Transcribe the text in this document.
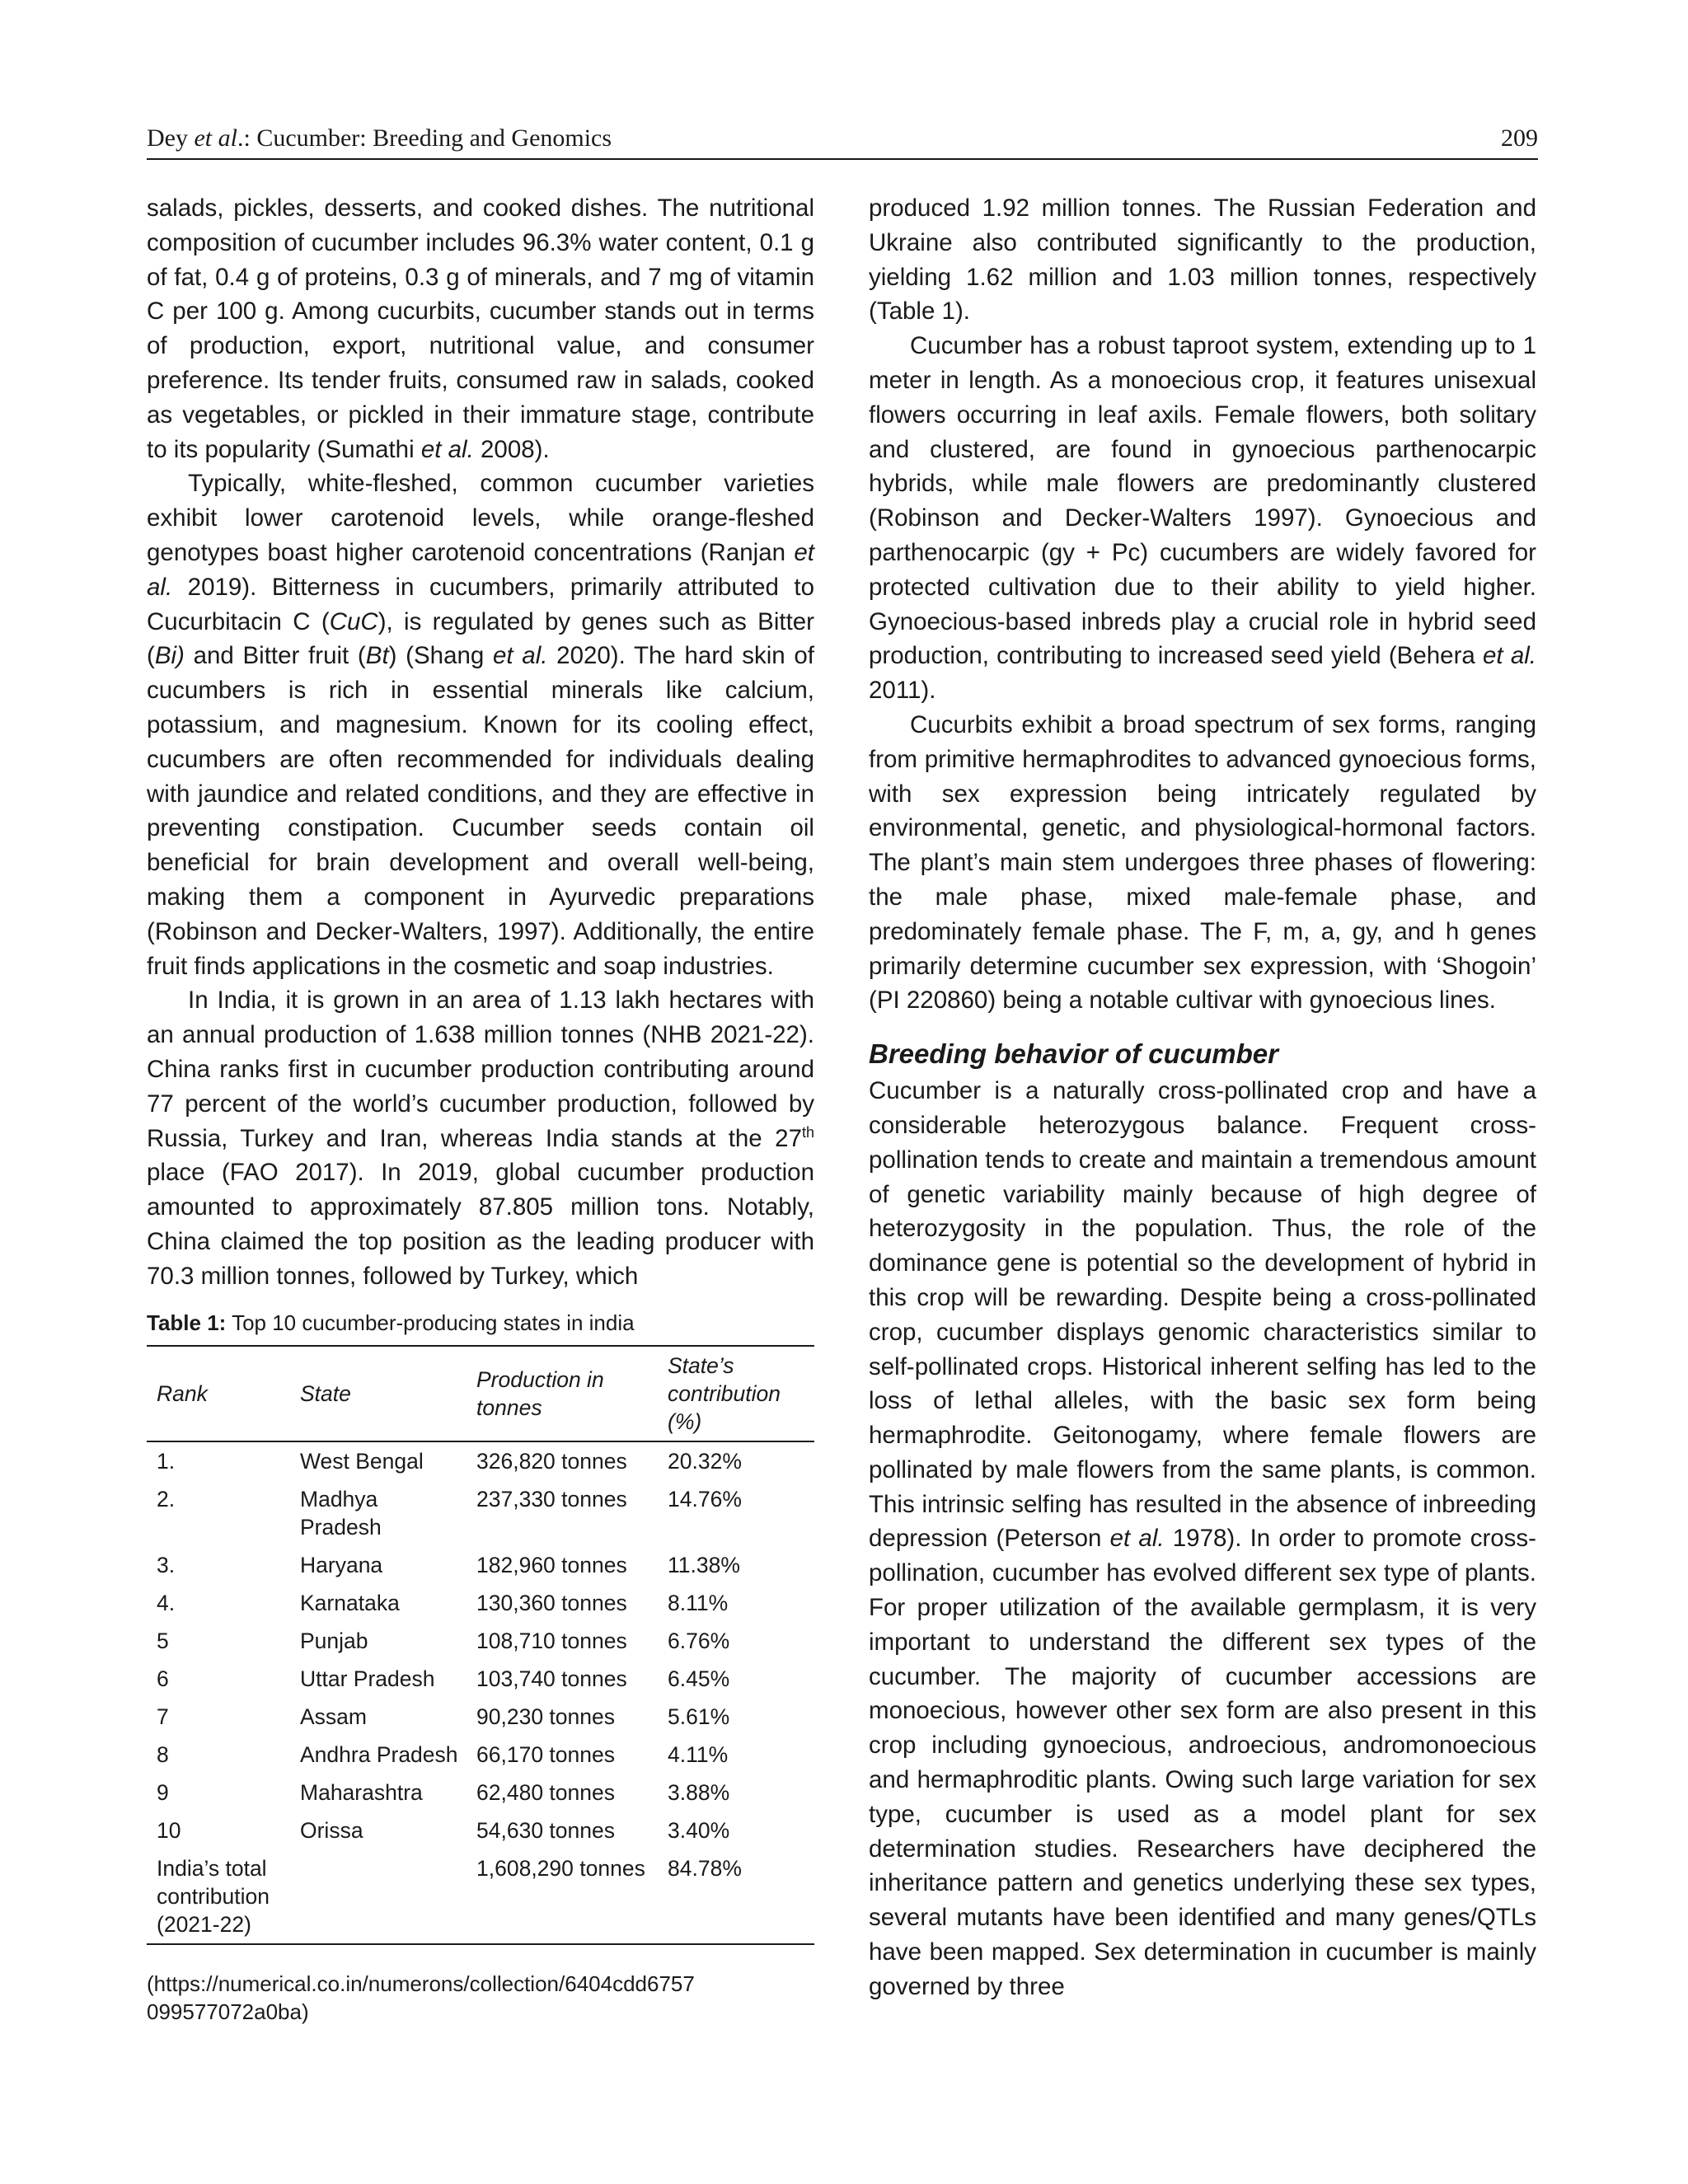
Dey et al.: Cucumber: Breeding and Genomics	209

salads, pickles, desserts, and cooked dishes. The nutritional composition of cucumber includes 96.3% water content, 0.1 g of fat, 0.4 g of proteins, 0.3 g of minerals, and 7 mg of vitamin C per 100 g. Among cucurbits, cucumber stands out in terms of production, export, nutritional value, and consumer preference. Its tender fruits, consumed raw in salads, cooked as vegetables, or pickled in their immature stage, contribute to its popularity (Sumathi et al. 2008).

Typically, white-fleshed, common cucumber varieties exhibit lower carotenoid levels, while orange-fleshed genotypes boast higher carotenoid concentrations (Ranjan et al. 2019). Bitterness in cucumbers, primarily attributed to Cucurbitacin C (CuC), is regulated by genes such as Bitter (Bi) and Bitter fruit (Bt) (Shang et al. 2020). The hard skin of cucumbers is rich in essential minerals like calcium, potassium, and magnesium. Known for its cooling effect, cucumbers are often recommended for individuals dealing with jaundice and related conditions, and they are effective in preventing constipation. Cucumber seeds contain oil beneficial for brain development and overall well-being, making them a component in Ayurvedic preparations (Robinson and Decker-Walters, 1997). Additionally, the entire fruit finds applications in the cosmetic and soap industries.

In India, it is grown in an area of 1.13 lakh hectares with an annual production of 1.638 million tonnes (NHB 2021-22). China ranks first in cucumber production contributing around 77 percent of the world’s cucumber production, followed by Russia, Turkey and Iran, whereas India stands at the 27th place (FAO 2017). In 2019, global cucumber production amounted to approximately 87.805 million tons. Notably, China claimed the top position as the leading producer with 70.3 million tonnes, followed by Turkey, which

Table 1: Top 10 cucumber-producing states in india
Rank	State	Production in tonnes	State’s contribution (%)
1.	West Bengal	326,820 tonnes	20.32%
2.	Madhya Pradesh	237,330 tonnes	14.76%
3.	Haryana	182,960 tonnes	11.38%
4.	Karnataka	130,360 tonnes	8.11%
5	Punjab	108,710 tonnes	6.76%
6	Uttar Pradesh	103,740 tonnes	6.45%
7	Assam	90,230 tonnes	5.61%
8	Andhra Pradesh	66,170 tonnes	4.11%
9	Maharashtra	62,480 tonnes	3.88%
10	Orissa	54,630 tonnes	3.40%
India’s total contribution (2021-22)		1,608,290 tonnes	84.78%
(https://numerical.co.in/numerons/collection/6404cdd6757 099577072a0ba)

produced 1.92 million tonnes. The Russian Federation and Ukraine also contributed significantly to the production, yielding 1.62 million and 1.03 million tonnes, respectively (Table 1).

Cucumber has a robust taproot system, extending up to 1 meter in length. As a monoecious crop, it features unisexual flowers occurring in leaf axils. Female flowers, both solitary and clustered, are found in gynoecious parthenocarpic hybrids, while male flowers are predominantly clustered (Robinson and Decker-Walters 1997). Gynoecious and parthenocarpic (gy + Pc) cucumbers are widely favored for protected cultivation due to their ability to yield higher. Gynoecious-based inbreds play a crucial role in hybrid seed production, contributing to increased seed yield (Behera et al. 2011).

Cucurbits exhibit a broad spectrum of sex forms, ranging from primitive hermaphrodites to advanced gynoecious forms, with sex expression being intricately regulated by environmental, genetic, and physiological-hormonal factors. The plant’s main stem undergoes three phases of flowering: the male phase, mixed male-female phase, and predominately female phase. The F, m, a, gy, and h genes primarily determine cucumber sex expression, with ‘Shogoin’ (PI 220860) being a notable cultivar with gynoecious lines.

Breeding behavior of cucumber

Cucumber is a naturally cross-pollinated crop and have a considerable heterozygous balance. Frequent cross-pollination tends to create and maintain a tremendous amount of genetic variability mainly because of high degree of heterozygosity in the population. Thus, the role of the dominance gene is potential so the development of hybrid in this crop will be rewarding. Despite being a cross-pollinated crop, cucumber displays genomic characteristics similar to self-pollinated crops. Historical inherent selfing has led to the loss of lethal alleles, with the basic sex form being hermaphrodite. Geitonogamy, where female flowers are pollinated by male flowers from the same plants, is common. This intrinsic selfing has resulted in the absence of inbreeding depression (Peterson et al. 1978). In order to promote cross-pollination, cucumber has evolved different sex type of plants. For proper utilization of the available germplasm, it is very important to understand the different sex types of the cucumber. The majority of cucumber accessions are monoecious, however other sex form are also present in this crop including gynoecious, androecious, andromonoecious and hermaphroditic plants. Owing such large variation for sex type, cucumber is used as a model plant for sex determination studies. Researchers have deciphered the inheritance pattern and genetics underlying these sex types, several mutants have been identified and many genes/QTLs have been mapped. Sex determination in cucumber is mainly governed by three
